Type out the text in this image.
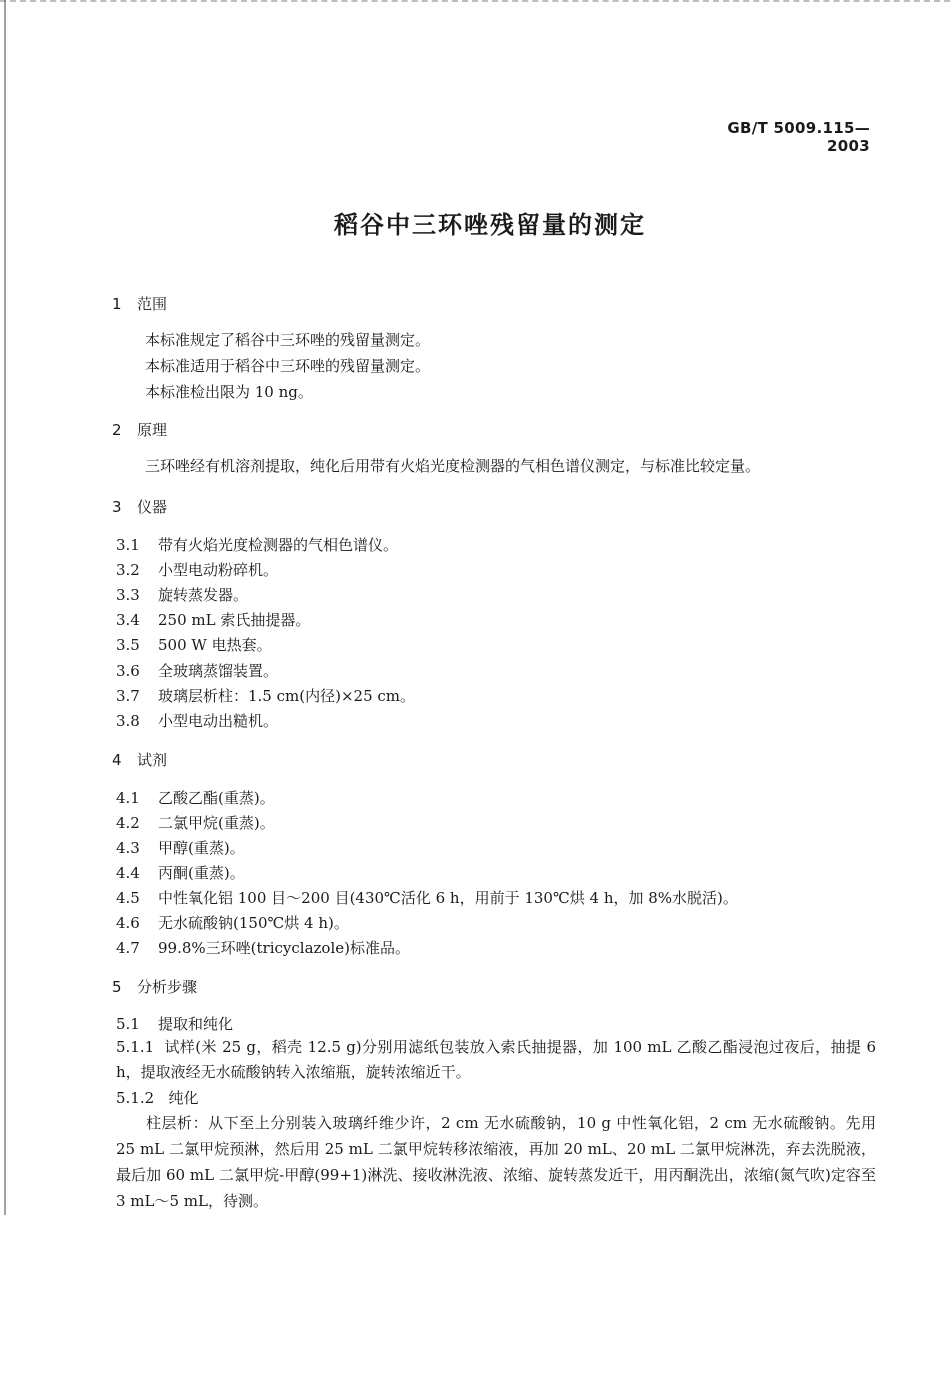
GB/T 5009.115—2003
稻谷中三环唑残留量的测定
1 范围
本标准规定了稻谷中三环唑的残留量测定。
本标准适用于稻谷中三环唑的残留量测定。
本标准检出限为 10 ng。
2 原理
三环唑经有机溶剂提取，纯化后用带有火焰光度检测器的气相色谱仪测定，与标准比较定量。
3 仪器
3.1 带有火焰光度检测器的气相色谱仪。
3.2 小型电动粉碎机。
3.3 旋转蒸发器。
3.4 250 mL 索氏抽提器。
3.5 500 W 电热套。
3.6 全玻璃蒸馏装置。
3.7 玻璃层析柱：1.5 cm(内径)×25 cm。
3.8 小型电动出糙机。
4 试剂
4.1 乙酸乙酯(重蒸)。
4.2 二氯甲烷(重蒸)。
4.3 甲醇(重蒸)。
4.4 丙酮(重蒸)。
4.5 中性氧化铝 100 目～200 目(430℃活化 6 h，用前于 130℃烘 4 h，加 8%水脱活)。
4.6 无水硫酸钠(150℃烘 4 h)。
4.7 99.8%三环唑(tricyclazole)标准品。
5 分析步骤
5.1 提取和纯化
5.1.1 试样(米 25 g，稻壳 12.5 g)分别用滤纸包装放入索氏抽提器，加 100 mL 乙酸乙酯浸泡过夜后，抽提 6 h，提取液经无水硫酸钠转入浓缩瓶，旋转浓缩近干。
5.1.2 纯化
柱层析：从下至上分别装入玻璃纤维少许，2 cm 无水硫酸钠，10 g 中性氧化铝，2 cm 无水硫酸钠。先用 25 mL 二氯甲烷预淋，然后用 25 mL 二氯甲烷转移浓缩液，再加 20 mL、20 mL 二氯甲烷淋洗，弃去洗脱液，最后加 60 mL 二氯甲烷-甲醇(99+1)淋洗、接收淋洗液、浓缩、旋转蒸发近干，用丙酮洗出，浓缩(氮气吹)定容至 3 mL～5 mL，待测。
